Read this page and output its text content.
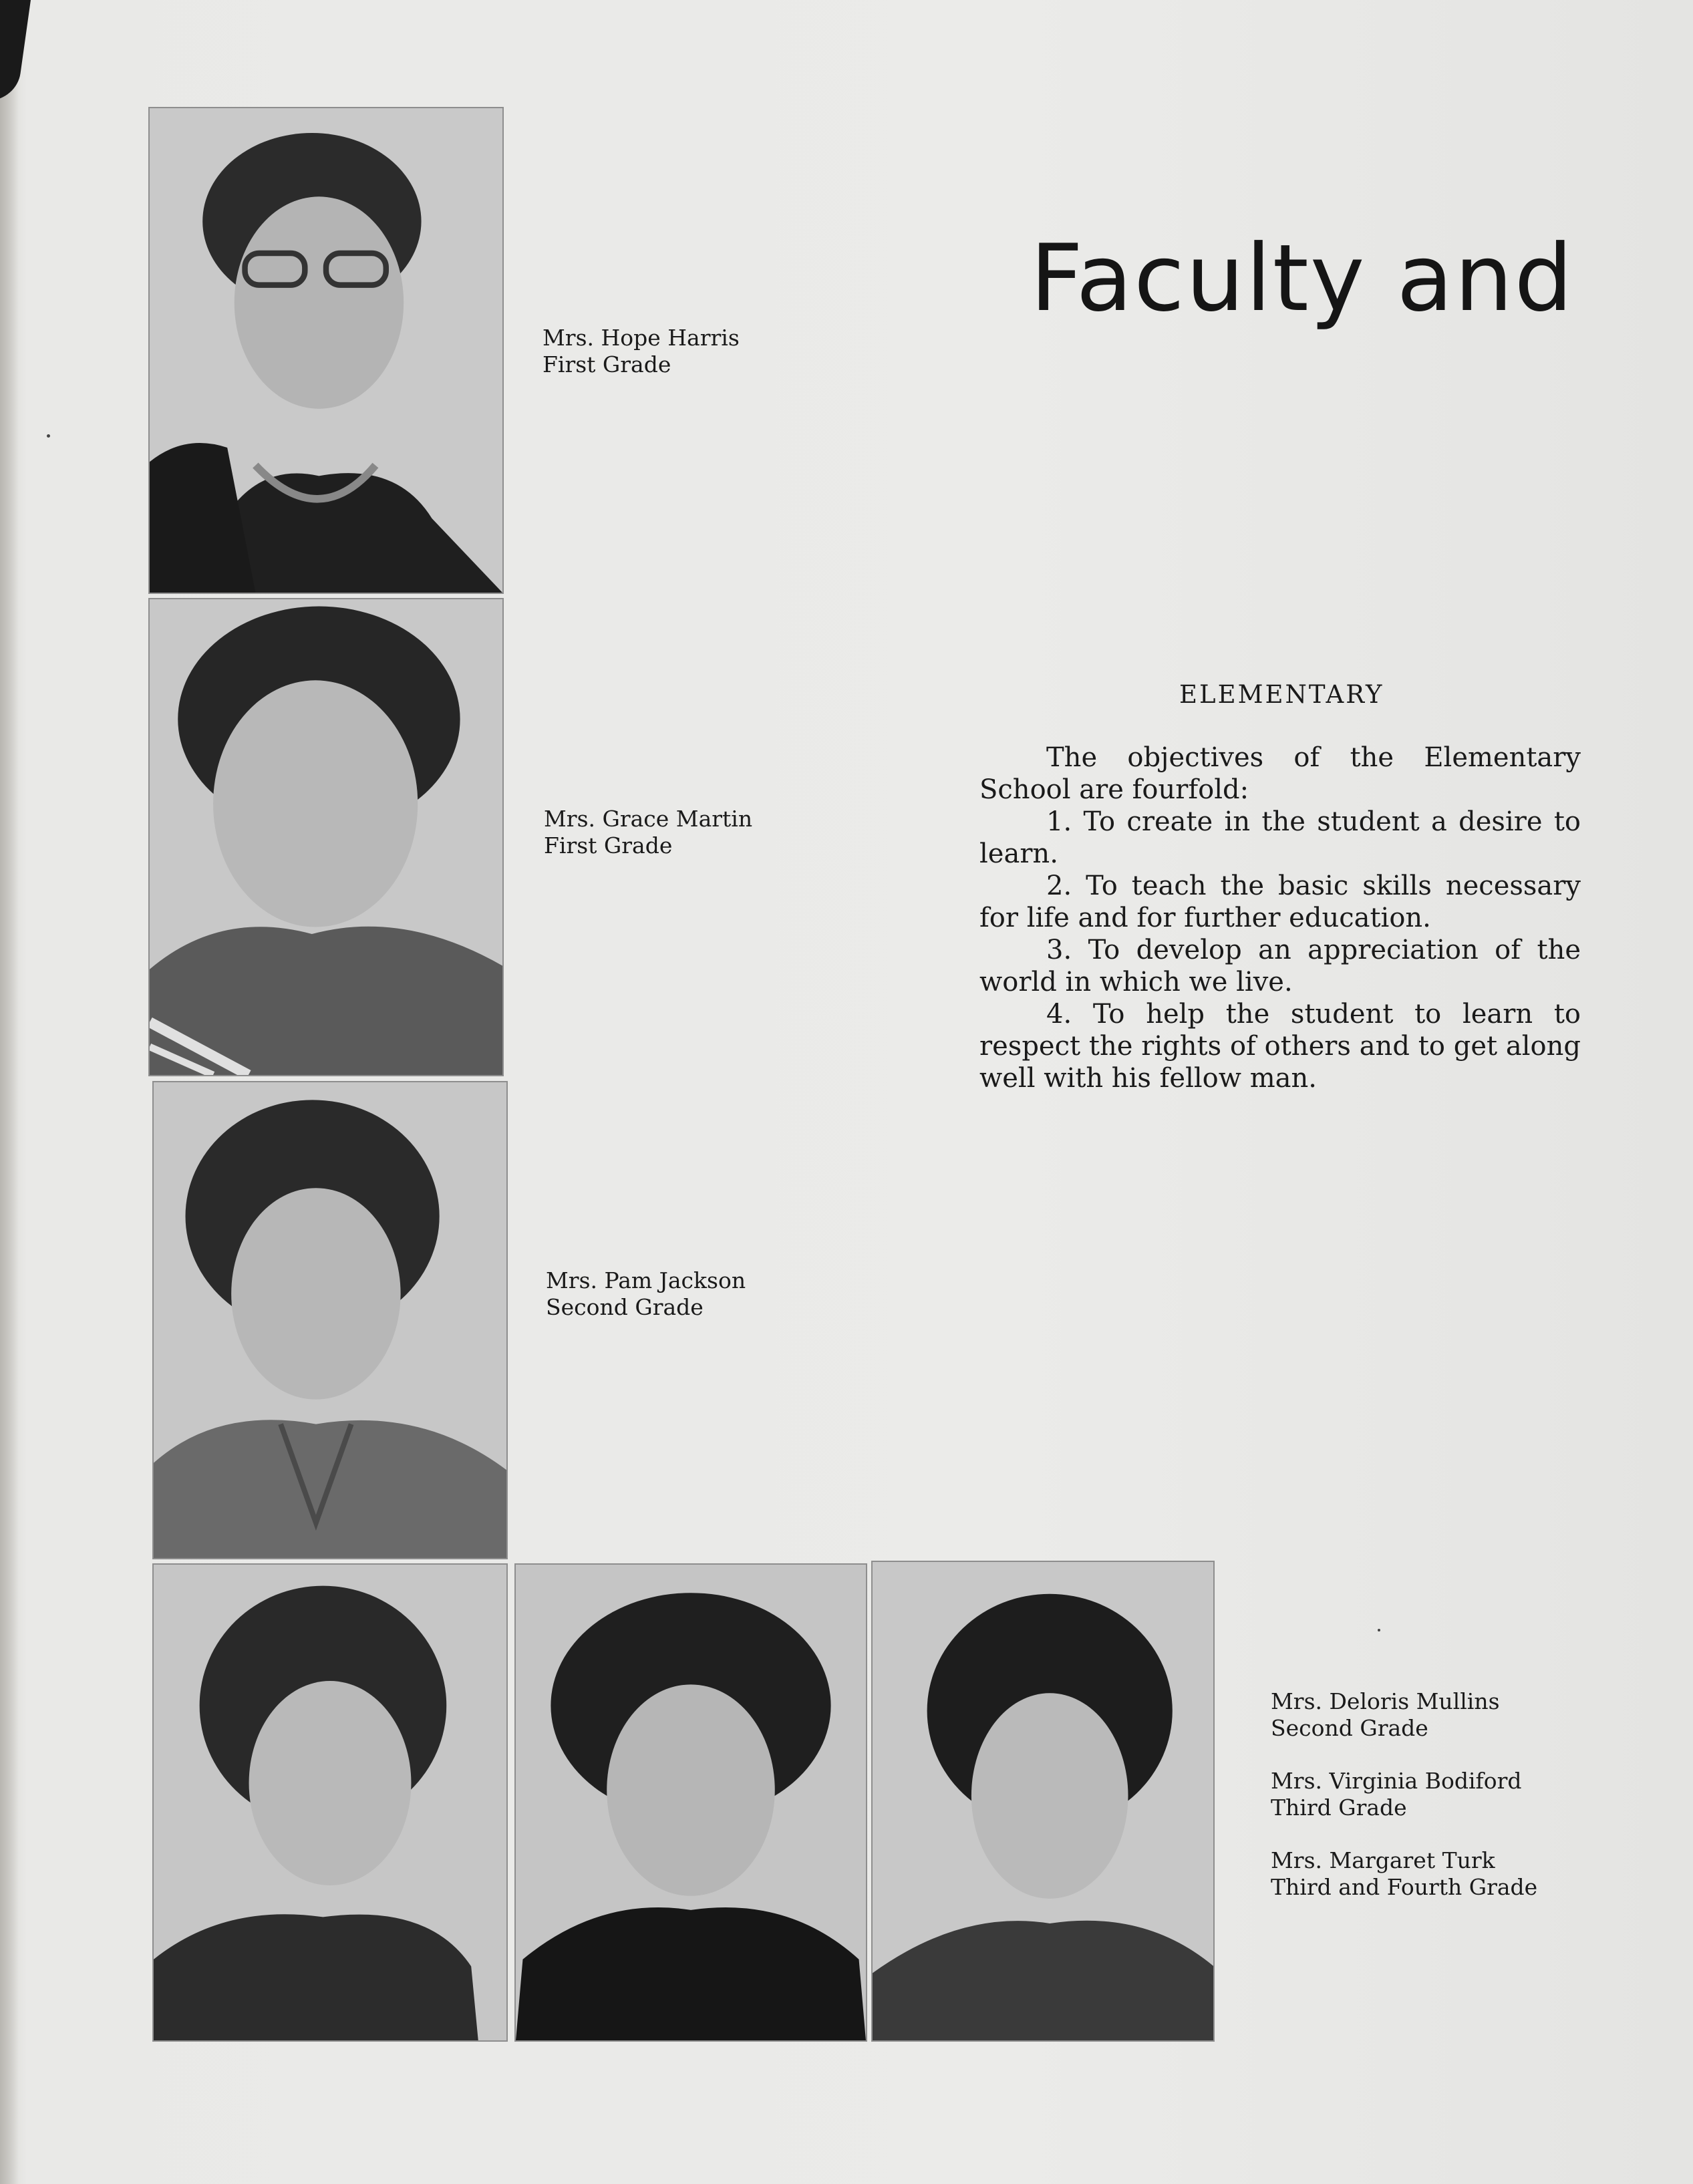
Mrs. Hope Harris
First Grade
Mrs. Grace Martin
First Grade
Mrs. Pam Jackson
Second Grade
Mrs. Deloris Mullins
Second Grade
Mrs. Virginia Bodiford
Third Grade
Mrs. Margaret Turk
Third and Fourth Grade
Faculty and
ELEMENTARY

The objectives of the Elementary School are fourfold:

1. To create in the student a desire to learn.

2. To teach the basic skills necessary for life and for further education.

3. To develop an appreciation of the world in which we live.

4. To help the student to learn to respect the rights of others and to get along well with his fellow man.
